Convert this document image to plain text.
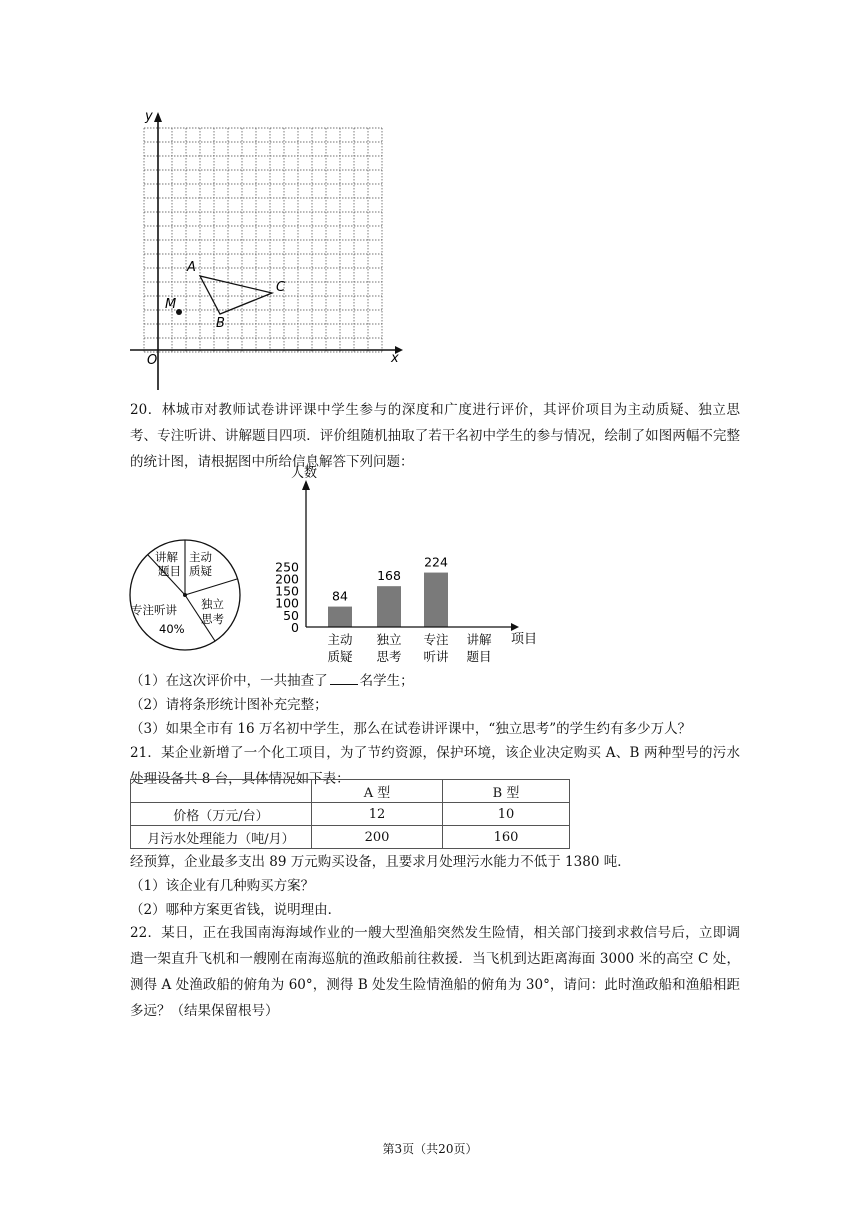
x
y
O
A
B
C
M
20．林城市对教师试卷讲评课中学生参与的深度和广度进行评价，其评价项目为主动质疑、独立思考、专注听讲、讲解题目四项．评价组随机抽取了若干名初中学生的参与情况，绘制了如图两幅不完整的统计图，请根据图中所给信息解答下列问题：
讲解
题目
主动
质疑
独立
思考
专注听讲
40%	0
50
100
150
200
250
84
168
224
主动
质疑
独立
思考
专注
听讲
讲解
题目
人数
项目
（1）在这次评价中，一共抽查了 名学生；
（2）请将条形统计图补充完整；
（3）如果全市有 16 万名初中学生，那么在试卷讲评课中，“独立思考”的学生约有多少万人？
21．某企业新增了一个化工项目，为了节约资源，保护环境，该企业决定购买 A、B 两种型号的污水处理设备共 8 台，具体情况如下表：
	A 型	B 型
价格（万元/台）	12	10
月污水处理能力（吨/月）	200	160
经预算，企业最多支出 89 万元购买设备，且要求月处理污水能力不低于 1380 吨．
（1）该企业有几种购买方案？
（2）哪种方案更省钱，说明理由．
22．某日，正在我国南海海域作业的一艘大型渔船突然发生险情，相关部门接到求救信号后，立即调遣一架直升飞机和一艘刚在南海巡航的渔政船前往救援．当飞机到达距离海面 3000 米的高空 C 处，测得 A 处渔政船的俯角为 60°，测得 B 处发生险情渔船的俯角为 30°，请问：此时渔政船和渔船相距多远？（结果保留根号）
第3页（共20页）
